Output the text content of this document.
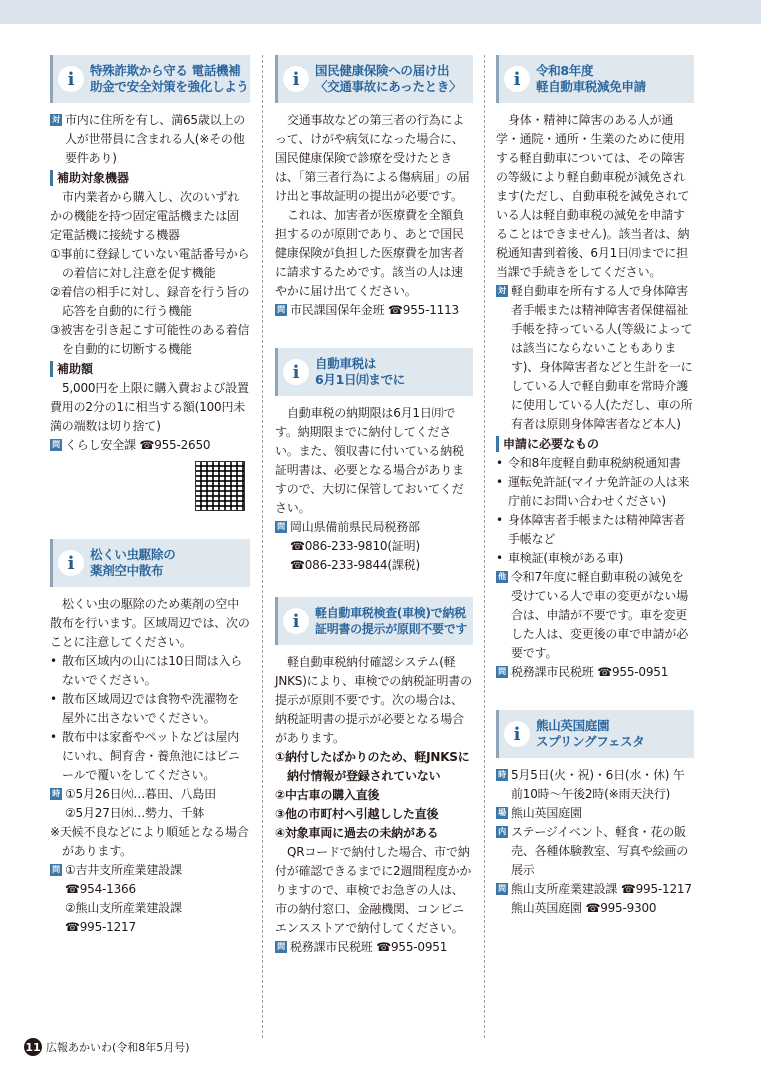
i	特殊詐欺から守る 電話機補
助金で安全対策を強化しよう
対 市内に住所を有し、満65歳以上の人が世帯員に含まれる人(※その他要件あり)
補助対象機器
市内業者から購入し、次のいずれかの機能を持つ固定電話機または固定電話機に接続する機器
①事前に登録していない電話番号からの着信に対し注意を促す機能
②着信の相手に対し、録音を行う旨の応答を自動的に行う機能
③被害を引き起こす可能性のある着信を自動的に切断する機能
補助額
5,000円を上限に購入費および設置費用の2分の1に相当する額(100円未満の端数は切り捨て)
問 くらし安全課 ☎955-2650
i	松くい虫駆除の
薬剤空中散布
松くい虫の駆除のため薬剤の空中散布を行います。区域周辺では、次のことに注意してください。
• 散布区域内の山には10日間は入らないでください。
• 散布区域周辺では食物や洗濯物を屋外に出さないでください。
• 散布中は家畜やペットなどは屋内にいれ、飼育舎・養魚池にはビニールで覆いをしてください。
時 ①5月26日㈫…暮田、八島田
②5月27日㈬…勢力、千躰
※天候不良などにより順延となる場合があります。
問 ①吉井支所産業建設課
☎954-1366
②熊山支所産業建設課
☎995-1217
i	国民健康保険への届け出
〈交通事故にあったとき〉
交通事故などの第三者の行為によって、けがや病気になった場合に、国民健康保険で診療を受けたときは、「第三者行為による傷病届」の届け出と事故証明の提出が必要です。
これは、加害者が医療費を全額負担するのが原則であり、あとで国民健康保険が負担した医療費を加害者に請求するためです。該当の人は速やかに届け出てください。
問 市民課国保年金班 ☎955-1113
i	自動車税は
6月1日㈪までに
自動車税の納期限は6月1日㈪です。納期限までに納付してください。また、領収書に付いている納税証明書は、必要となる場合がありますので、大切に保管しておいてください。
問 岡山県備前県民局税務部
☎086-233-9810(証明)
☎086-233-9844(課税)
i	軽自動車税検査(車検)で納税
証明書の提示が原則不要です
軽自動車税納付確認システム(軽JNKS)により、車検での納税証明書の提示が原則不要です。次の場合は、納税証明書の提示が必要となる場合があります。
①納付したばかりのため、軽JNKSに納付情報が登録されていない
②中古車の購入直後
③他の市町村へ引越しした直後
④対象車両に過去の未納がある
QRコードで納付した場合、市で納付が確認できるまでに2週間程度かかりますので、車検でお急ぎの人は、市の納付窓口、金融機関、コンビニエンスストアで納付してください。
問 税務課市民税班 ☎955-0951
i	令和8年度
軽自動車税減免申請
身体・精神に障害のある人が通学・通院・通所・生業のために使用する軽自動車については、その障害の等級により軽自動車税が減免されます(ただし、自動車税を減免されている人は軽自動車税の減免を申請することはできません)。該当者は、納税通知書到着後、6月1日㈪までに担当課で手続きをしてください。
対 軽自動車を所有する人で身体障害者手帳または精神障害者保健福祉手帳を持っている人(等級によっては該当にならないこともあります)、身体障害者などと生計を一にしている人で軽自動車を常時介護に使用している人(ただし、車の所有者は原則身体障害者など本人)
申請に必要なもの
• 令和8年度軽自動車税納税通知書
• 運転免許証(マイナ免許証の人は来庁前にお問い合わせください)
• 身体障害者手帳または精神障害者手帳など
• 車検証(車検がある車)
他 令和7年度に軽自動車税の減免を受けている人で車の変更がない場合は、申請が不要です。車を変更した人は、変更後の車で申請が必要です。
問 税務課市民税班 ☎955-0951
i	熊山英国庭園
スプリングフェスタ
時 5月5日(火・祝)・6日(水・休) 午前10時～午後2時(※雨天決行)
場 熊山英国庭園
内 ステージイベント、軽食・花の販売、各種体験教室、写真や絵画の展示
問 熊山支所産業建設課 ☎995-1217
熊山英国庭園 ☎995-9300
11 広報あかいわ(令和8年5月号)
